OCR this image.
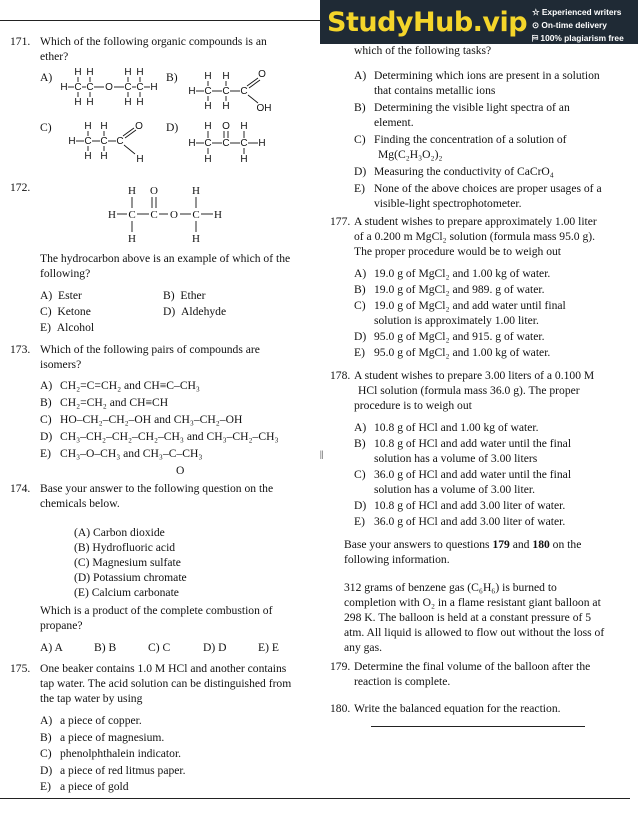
StudyHub.vip ☆ Experienced writers
⊙ On-time delivery
⛿ 100% plagiarism free
||
171. Which of the following organic compounds is an
ether?
A)	B)
C)	D)
H H	H H
H C C O C C H
H H	H H
H H	O
H C C C
H H	OH
H H	O
H C C C
H H	H
H O H
H C C C H
H	H
172.	H O	H
H C C O C H
H	H
The hydrocarbon above is an example of which of the
following?
A) Ester	B) Ether
C) Ketone	D) Aldehyde
E) Alcohol
173. Which of the following pairs of compounds are
isomers?
A) CH₂=C=CH₂ and CH≡C–CH₃
B) CH₂=CH₂ and CH≡CH
C) HO–CH₂–CH₂–OH and CH₃–CH₂–OH
D) CH₃–CH₂–CH₂–CH₂–CH₃ and CH₃–CH₂–CH₃
E) CH₃–O–CH₃ and CH₃–C–CH₃
O
174. Base your answer to the following question on the
chemicals below.
(A) Carbon dioxide
(B) Hydrofluoric acid
(C) Magnesium sulfate
(D) Potassium chromate
(E) Calcium carbonate
Which is a product of the complete combustion of
propane?
A) A	B) B	C) C	D) D	E) E
175. One beaker contains 1.0 M HCl and another contains
tap water. The acid solution can be distinguished from
the tap water by using
A) a piece of copper.
B) a piece of magnesium.
C) phenolphthalein indicator.
D) a piece of red litmus paper.
E) a piece of gold
which of the following tasks?
A) Determining which ions are present in a solution
that contains metallic ions
B) Determining the visible light spectra of an
element.
C) Finding the concentration of a solution of
Mg(C₂H₃O₂)₂
D) Measuring the conductivity of CaCrO₄
E) None of the above choices are proper usages of a
visible-light spectrophotometer.
177. A student wishes to prepare approximately 1.00 liter
of a 0.200 m MgCl₂ solution (formula mass 95.0 g).
The proper procedure would be to weigh out
A) 19.0 g of MgCl₂ and 1.00 kg of water.
B) 19.0 g of MgCl₂ and 989. g of water.
C) 19.0 g of MgCl₂ and add water until final
solution is approximately 1.00 liter.
D) 95.0 g of MgCl₂ and 915. g of water.
E) 95.0 g of MgCl₂ and 1.00 kg of water.
178. A student wishes to prepare 3.00 liters of a 0.100 M
HCl solution (formula mass 36.0 g). The proper
procedure is to weigh out
A) 10.8 g of HCl and 1.00 kg of water.
B) 10.8 g of HCl and add water until the final
solution has a volume of 3.00 liters
C) 36.0 g of HCl and add water until the final
solution has a volume of 3.00 liter.
D) 10.8 g of HCl and add 3.00 liter of water.
E) 36.0 g of HCl and add 3.00 liter of water.
Base your answers to questions 179 and 180 on the
following information.
312 grams of benzene gas (C₆H₆) is burned to
completion with O₂ in a flame resistant giant balloon at
298 K. The balloon is held at a constant pressure of 5
atm. All liquid is allowed to flow out without the loss of
any gas.
179. Determine the final volume of the balloon after the
reaction is complete.
180. Write the balanced equation for the reaction.
